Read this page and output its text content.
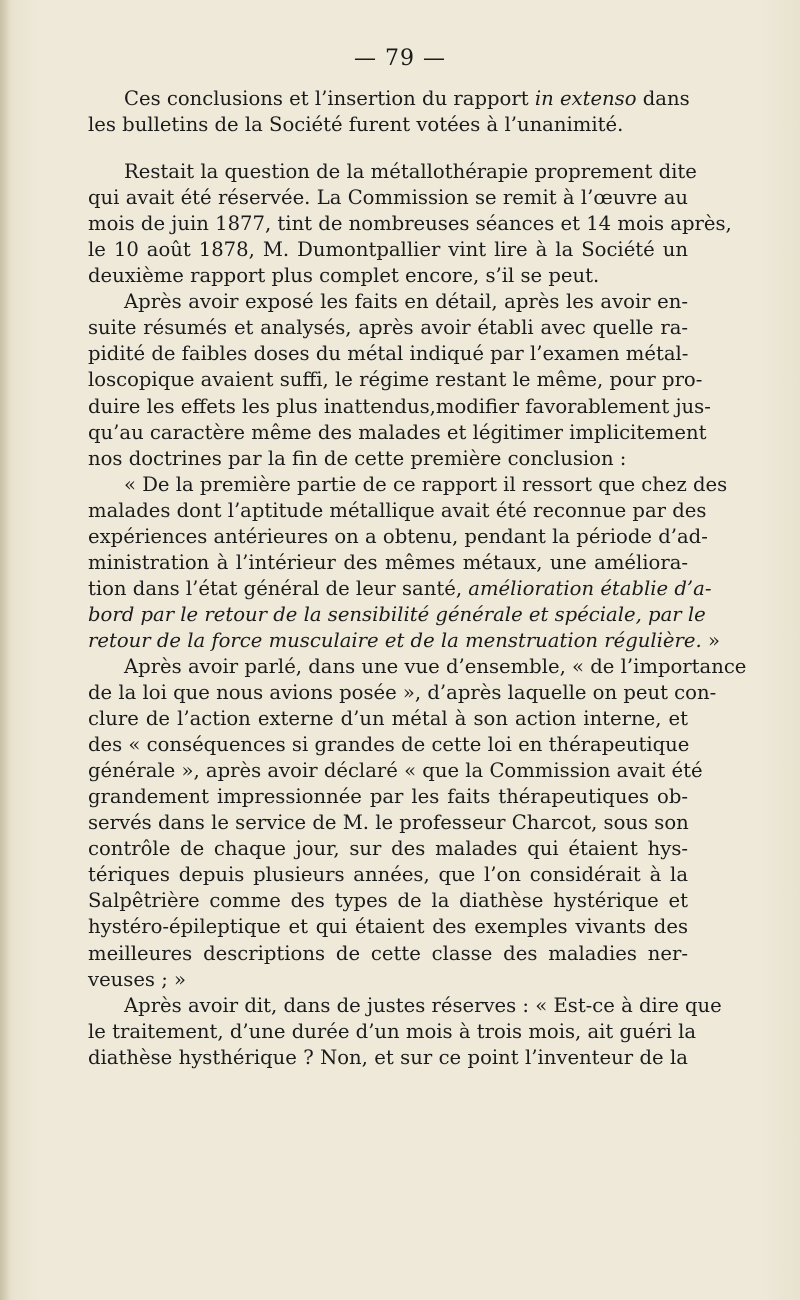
— 79 —
Ces conclusions et l’insertion du rapport in extenso dans
les bulletins de la Société furent votées à l’unanimité.
Restait la question de la métallothérapie proprement dite
qui avait été réservée. La Commission se remit à l’œuvre au
mois de juin 1877, tint de nombreuses séances et 14 mois après,
le 10 août 1878, M. Dumontpallier vint lire à la Société un
deuxième rapport plus complet encore, s’il se peut.
Après avoir exposé les faits en détail, après les avoir en-
suite résumés et analysés, après avoir établi avec quelle ra-
pidité de faibles doses du métal indiqué par l’examen métal-
loscopique avaient suffi, le régime restant le même, pour pro-
duire les effets les plus inattendus,modifier favorablement jus-
qu’au caractère même des malades et légitimer implicitement
nos doctrines par la fin de cette première conclusion :
« De la première partie de ce rapport il ressort que chez des
malades dont l’aptitude métallique avait été reconnue par des
expériences antérieures on a obtenu, pendant la période d’ad-
ministration à l’intérieur des mêmes métaux, une améliora-
tion dans l’état général de leur santé, amélioration établie d’a-
bord par le retour de la sensibilité générale et spéciale, par le
retour de la force musculaire et de la menstruation régulière. »
Après avoir parlé, dans une vue d’ensemble, « de l’importance
de la loi que nous avions posée », d’après laquelle on peut con-
clure de l’action externe d’un métal à son action interne, et
des « conséquences si grandes de cette loi en thérapeutique
générale », après avoir déclaré « que la Commission avait été
grandement impressionnée par les faits thérapeutiques ob-
servés dans le service de M. le professeur Charcot, sous son
contrôle de chaque jour, sur des malades qui étaient hys-
tériques depuis plusieurs années, que l’on considérait à la
Salpêtrière comme des types de la diathèse hystérique et
hystéro-épileptique et qui étaient des exemples vivants des
meilleures descriptions de cette classe des maladies ner-
veuses ; »
Après avoir dit, dans de justes réserves : « Est-ce à dire que
le traitement, d’une durée d’un mois à trois mois, ait guéri la
diathèse hysthérique ? Non, et sur ce point l’inventeur de la
